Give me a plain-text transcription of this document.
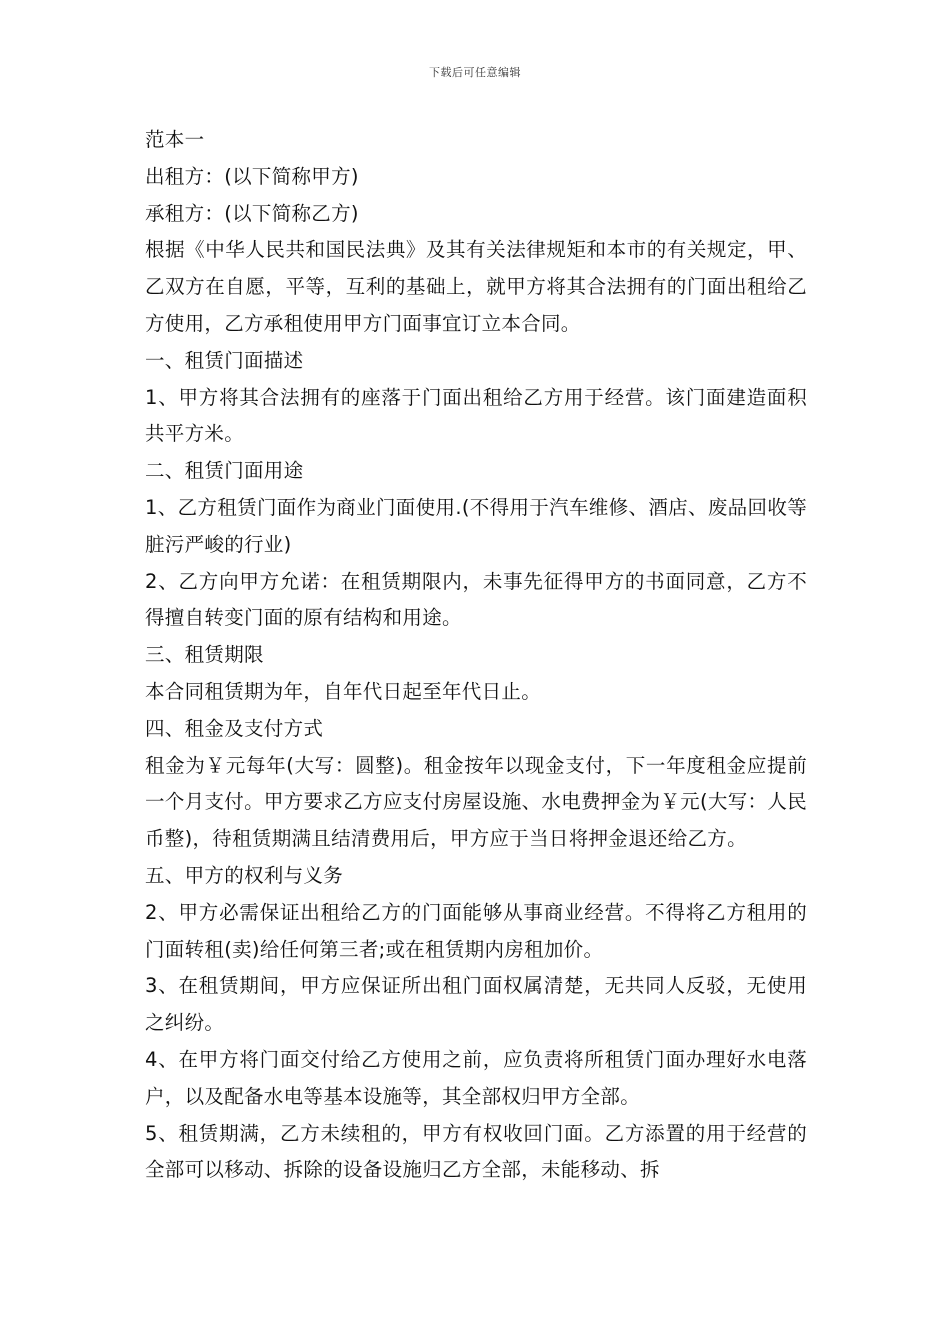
下载后可任意编辑

范本一

出租方：(以下简称甲方)

承租方：(以下简称乙方)

根据《中华人民共和国民法典》及其有关法律规矩和本市的有关规定，甲、乙双方在自愿，平等，互利的基础上，就甲方将其合法拥有的门面出租给乙方使用，乙方承租使用甲方门面事宜订立本合同。

一、租赁门面描述

1、甲方将其合法拥有的座落于门面出租给乙方用于经营。该门面建造面积共平方米。

二、租赁门面用途

1、乙方租赁门面作为商业门面使用.(不得用于汽车维修、酒店、废品回收等脏污严峻的行业)

2、乙方向甲方允诺：在租赁期限内，未事先征得甲方的书面同意，乙方不得擅自转变门面的原有结构和用途。

三、租赁期限

本合同租赁期为年，自年代日起至年代日止。

四、租金及支付方式

租金为￥元每年(大写：圆整)。租金按年以现金支付，下一年度租金应提前一个月支付。甲方要求乙方应支付房屋设施、水电费押金为￥元(大写：人民币整)，待租赁期满且结清费用后，甲方应于当日将押金退还给乙方。

五、甲方的权利与义务

2、甲方必需保证出租给乙方的门面能够从事商业经营。不得将乙方租用的门面转租(卖)给任何第三者;或在租赁期内房租加价。

3、在租赁期间，甲方应保证所出租门面权属清楚，无共同人反驳，无使用之纠纷。

4、在甲方将门面交付给乙方使用之前，应负责将所租赁门面办理好水电落户，以及配备水电等基本设施等，其全部权归甲方全部。

5、租赁期满，乙方未续租的，甲方有权收回门面。乙方添置的用于经营的全部可以移动、拆除的设备设施归乙方全部，未能移动、拆
